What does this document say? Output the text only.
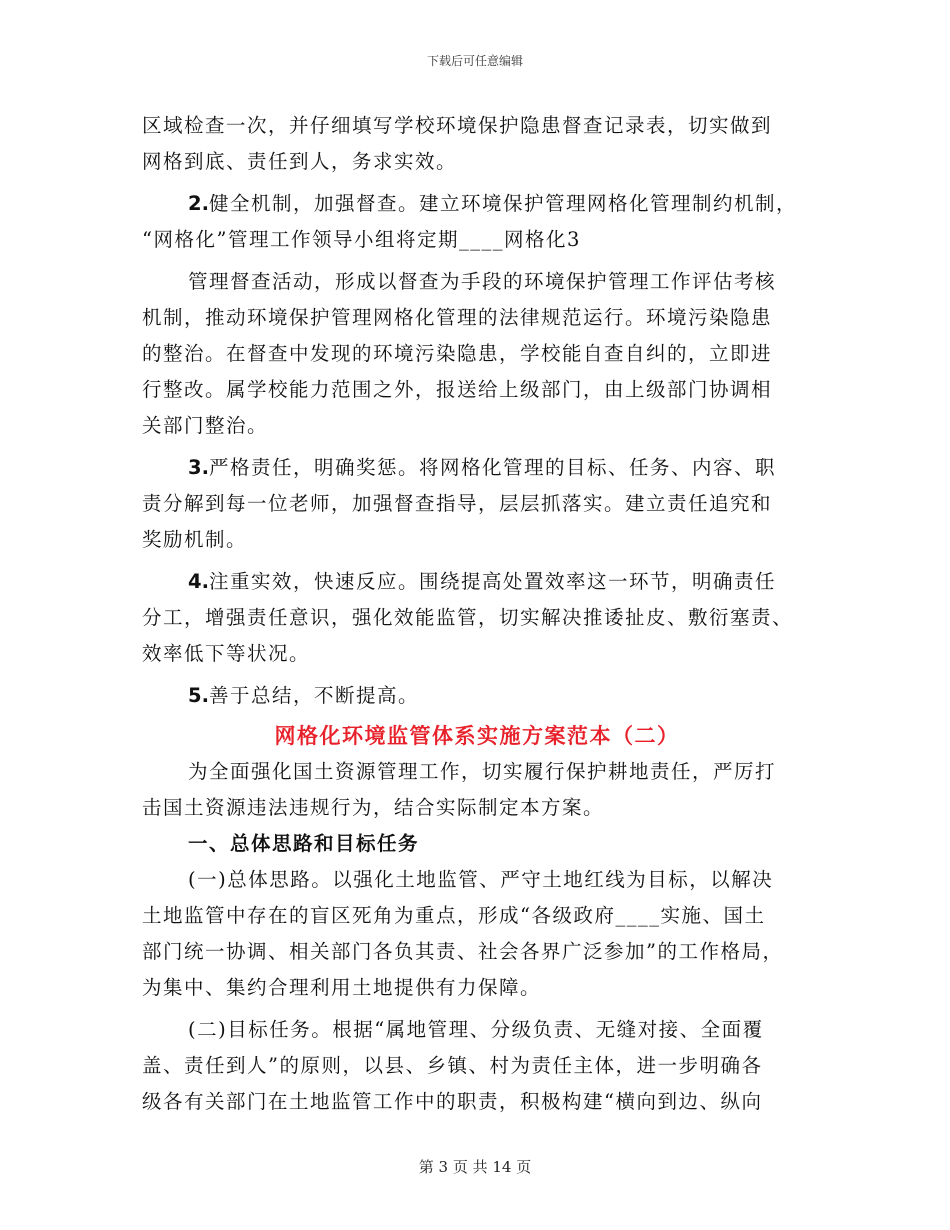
下载后可任意编辑
区域检查一次，并仔细填写学校环境保护隐患督查记录表，切实做到
网格到底、责任到人，务求实效。
2.健全机制，加强督查。建立环境保护管理网格化管理制约机制，
“网格化”管理工作领导小组将定期____网格化3
管理督查活动，形成以督查为手段的环境保护管理工作评估考核
机制，推动环境保护管理网格化管理的法律规范运行。环境污染隐患
的整治。在督查中发现的环境污染隐患，学校能自查自纠的，立即进
行整改。属学校能力范围之外，报送给上级部门，由上级部门协调相
关部门整治。
3.严格责任，明确奖惩。将网格化管理的目标、任务、内容、职
责分解到每一位老师，加强督查指导，层层抓落实。建立责任追究和
奖励机制。
4.注重实效，快速反应。围绕提高处置效率这一环节，明确责任
分工，增强责任意识，强化效能监管，切实解决推诿扯皮、敷衍塞责、
效率低下等状况。
5.善于总结，不断提高。
网格化环境监管体系实施方案范本（二）
为全面强化国土资源管理工作，切实履行保护耕地责任，严厉打
击国土资源违法违规行为，结合实际制定本方案。
一、总体思路和目标任务
(一)总体思路。以强化土地监管、严守土地红线为目标，以解决
土地监管中存在的盲区死角为重点，形成“各级政府____实施、国土
部门统一协调、相关部门各负其责、社会各界广泛参加”的工作格局，
为集中、集约合理利用土地提供有力保障。
(二)目标任务。根据“属地管理、分级负责、无缝对接、全面覆
盖、责任到人”的原则，以县、乡镇、村为责任主体，进一步明确各
级各有关部门在土地监管工作中的职责，积极构建“横向到边、纵向
第 3 页 共 14 页
